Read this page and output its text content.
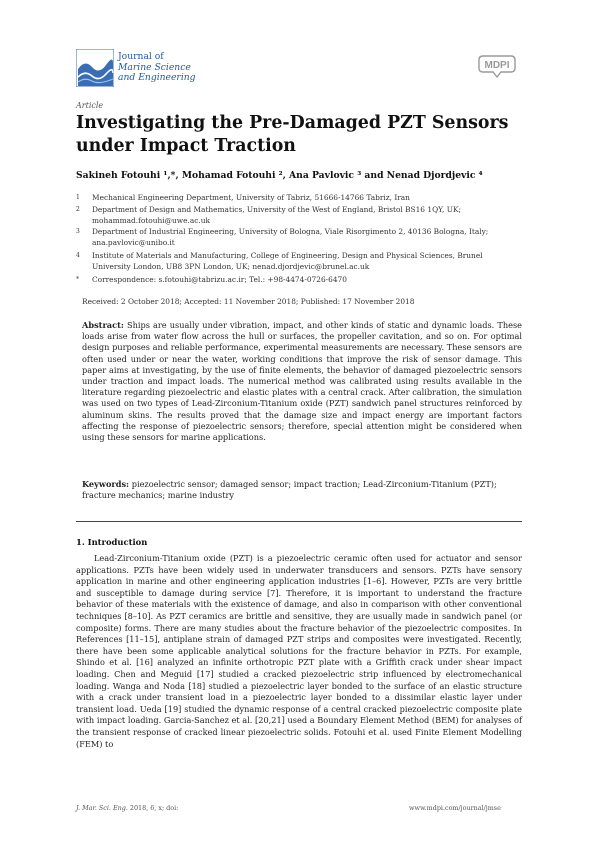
Journal of
Marine Science
and Engineering
MDPI
Article
Investigating the Pre-Damaged PZT Sensors under Impact Traction
Sakineh Fotouhi ¹,*, Mohamad Fotouhi ², Ana Pavlovic ³ and Nenad Djordjevic ⁴
1 Mechanical Engineering Department, University of Tabriz, 51666-14766 Tabriz, Iran
2 Department of Design and Mathematics, University of the West of England, Bristol BS16 1QY, UK; mohammad.fotouhi@uwe.ac.uk
3 Department of Industrial Engineering, University of Bologna, Viale Risorgimento 2, 40136 Bologna, Italy; ana.pavlovic@unibo.it
4 Institute of Materials and Manufacturing, College of Engineering, Design and Physical Sciences, Brunel University London, UB8 3PN London, UK; nenad.djordjevic@brunel.ac.uk
* Correspondence: s.fotouhi@tabrizu.ac.ir; Tel.: +98-4474-0726-6470
Received: 2 October 2018; Accepted: 11 November 2018; Published: 17 November 2018
Abstract: Ships are usually under vibration, impact, and other kinds of static and dynamic loads. These loads arise from water flow across the hull or surfaces, the propeller cavitation, and so on. For optimal design purposes and reliable performance, experimental measurements are necessary. These sensors are often used under or near the water, working conditions that improve the risk of sensor damage. This paper aims at investigating, by the use of finite elements, the behavior of damaged piezoelectric sensors under traction and impact loads. The numerical method was calibrated using results available in the literature regarding piezoelectric and elastic plates with a central crack. After calibration, the simulation was used on two types of Lead-Zirconium-Titanium oxide (PZT) sandwich panel structures reinforced by aluminum skins. The results proved that the damage size and impact energy are important factors affecting the response of piezoelectric sensors; therefore, special attention might be considered when using these sensors for marine applications.
Keywords: piezoelectric sensor; damaged sensor; impact traction; Lead-Zirconium-Titanium (PZT); fracture mechanics; marine industry
1. Introduction
Lead-Zirconium-Titanium oxide (PZT) is a piezoelectric ceramic often used for actuator and sensor applications. PZTs have been widely used in underwater transducers and sensors. PZTs have sensory application in marine and other engineering application industries [1–6]. However, PZTs are very brittle and susceptible to damage during service [7]. Therefore, it is important to understand the fracture behavior of these materials with the existence of damage, and also in comparison with other conventional techniques [8–10]. As PZT ceramics are brittle and sensitive, they are usually made in sandwich panel (or composite) forms. There are many studies about the fracture behavior of the piezoelectric composites. In References [11–15], antiplane strain of damaged PZT strips and composites were investigated. Recently, there have been some applicable analytical solutions for the fracture behavior in PZTs. For example, Shindo et al. [16] analyzed an infinite orthotropic PZT plate with a Griffith crack under shear impact loading. Chen and Meguid [17] studied a cracked piezoelectric strip influenced by electromechanical loading. Wanga and Noda [18] studied a piezoelectric layer bonded to the surface of an elastic structure with a crack under transient load in a piezoelectric layer bonded to a dissimilar elastic layer under transient load. Ueda [19] studied the dynamic response of a central cracked piezoelectric composite plate with impact loading. Garcia-Sanchez et al. [20,21] used a Boundary Element Method (BEM) for analyses of the transient response of cracked linear piezoelectric solids. Fotouhi et al. used Finite Element Modelling (FEM) to
J. Mar. Sci. Eng. 2018, 6, x; doi:	www.mdpi.com/journal/jmse
